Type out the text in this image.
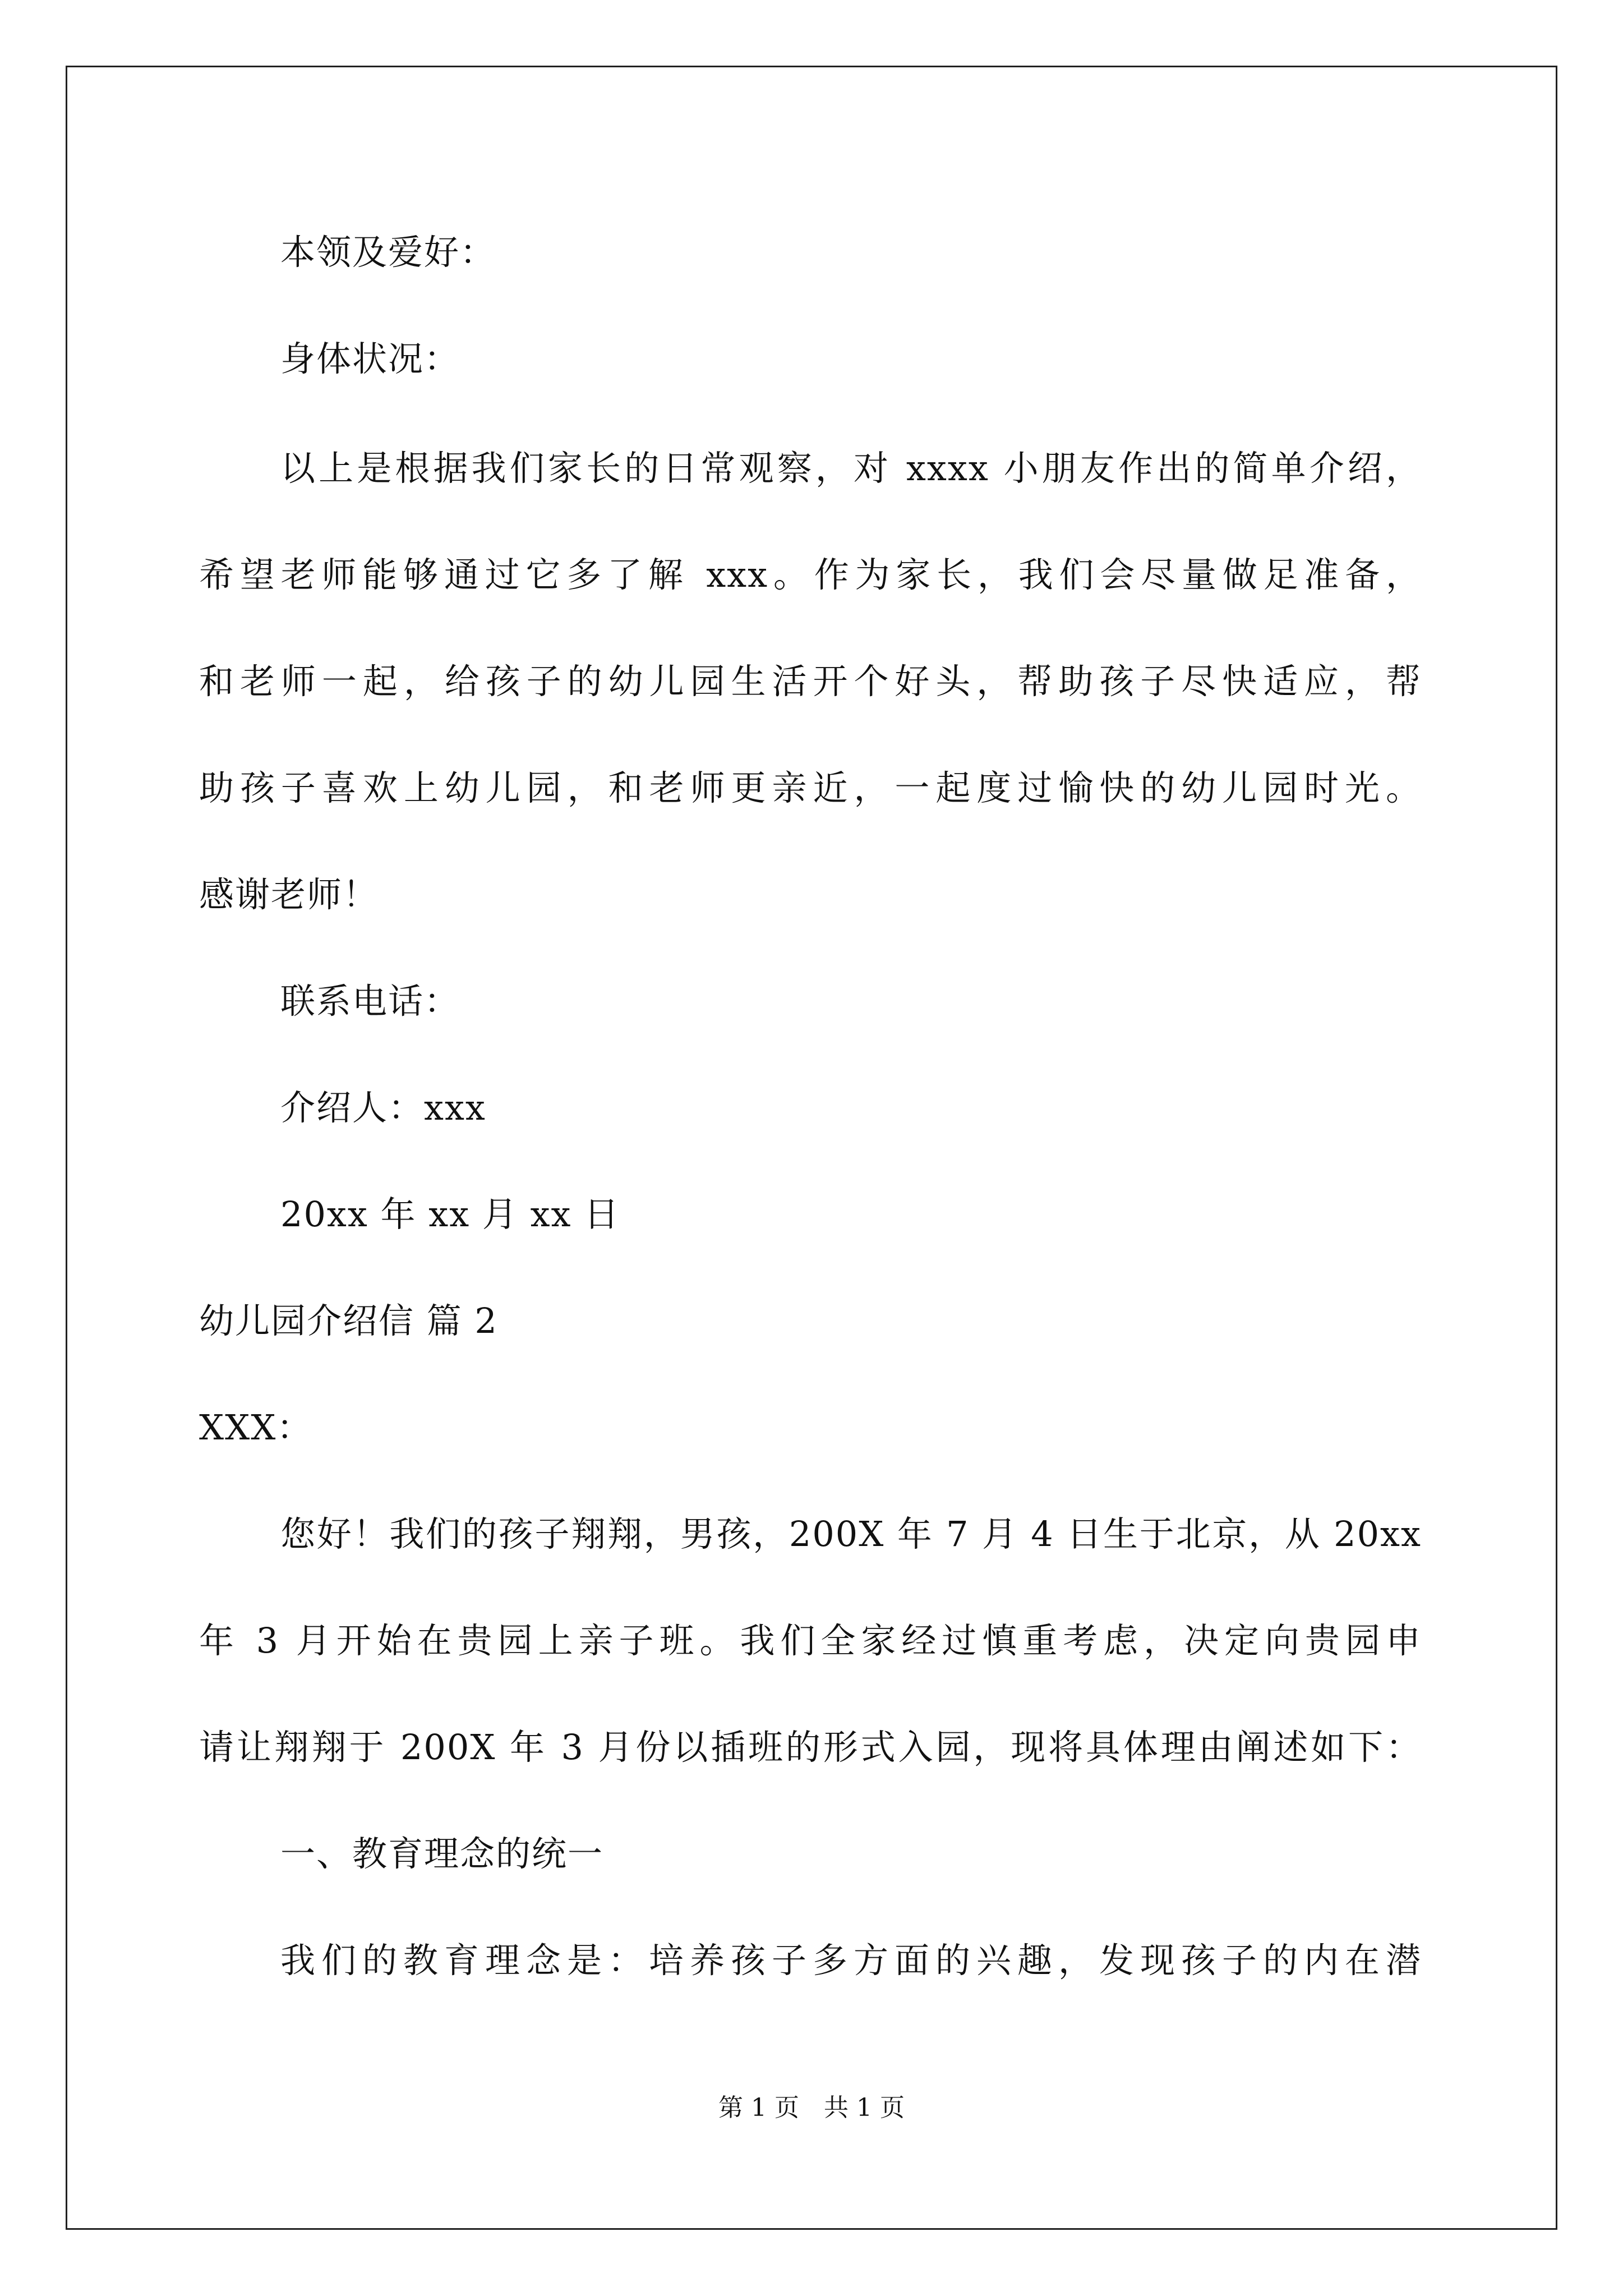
本领及爱好：
身体状况：
以上是根据我们家长的日常观察，对 xxxx 小朋友作出的简单介绍，
希望老师能够通过它多了解 xxx。作为家长，我们会尽量做足准备，
和老师一起，给孩子的幼儿园生活开个好头，帮助孩子尽快适应，帮
助孩子喜欢上幼儿园，和老师更亲近，一起度过愉快的幼儿园时光。
感谢老师！
联系电话：
介绍人：xxx
20xx 年 xx 月 xx 日
幼儿园介绍信 篇 2
XXX：
您好！我们的孩子翔翔，男孩，200X 年 7 月 4 日生于北京，从 20xx
年 3 月开始在贵园上亲子班。我们全家经过慎重考虑，决定向贵园申
请让翔翔于 200X 年 3 月份以插班的形式入园，现将具体理由阐述如下：
一、教育理念的统一
我们的教育理念是：培养孩子多方面的兴趣，发现孩子的内在潜
第 1 页　共 1 页
